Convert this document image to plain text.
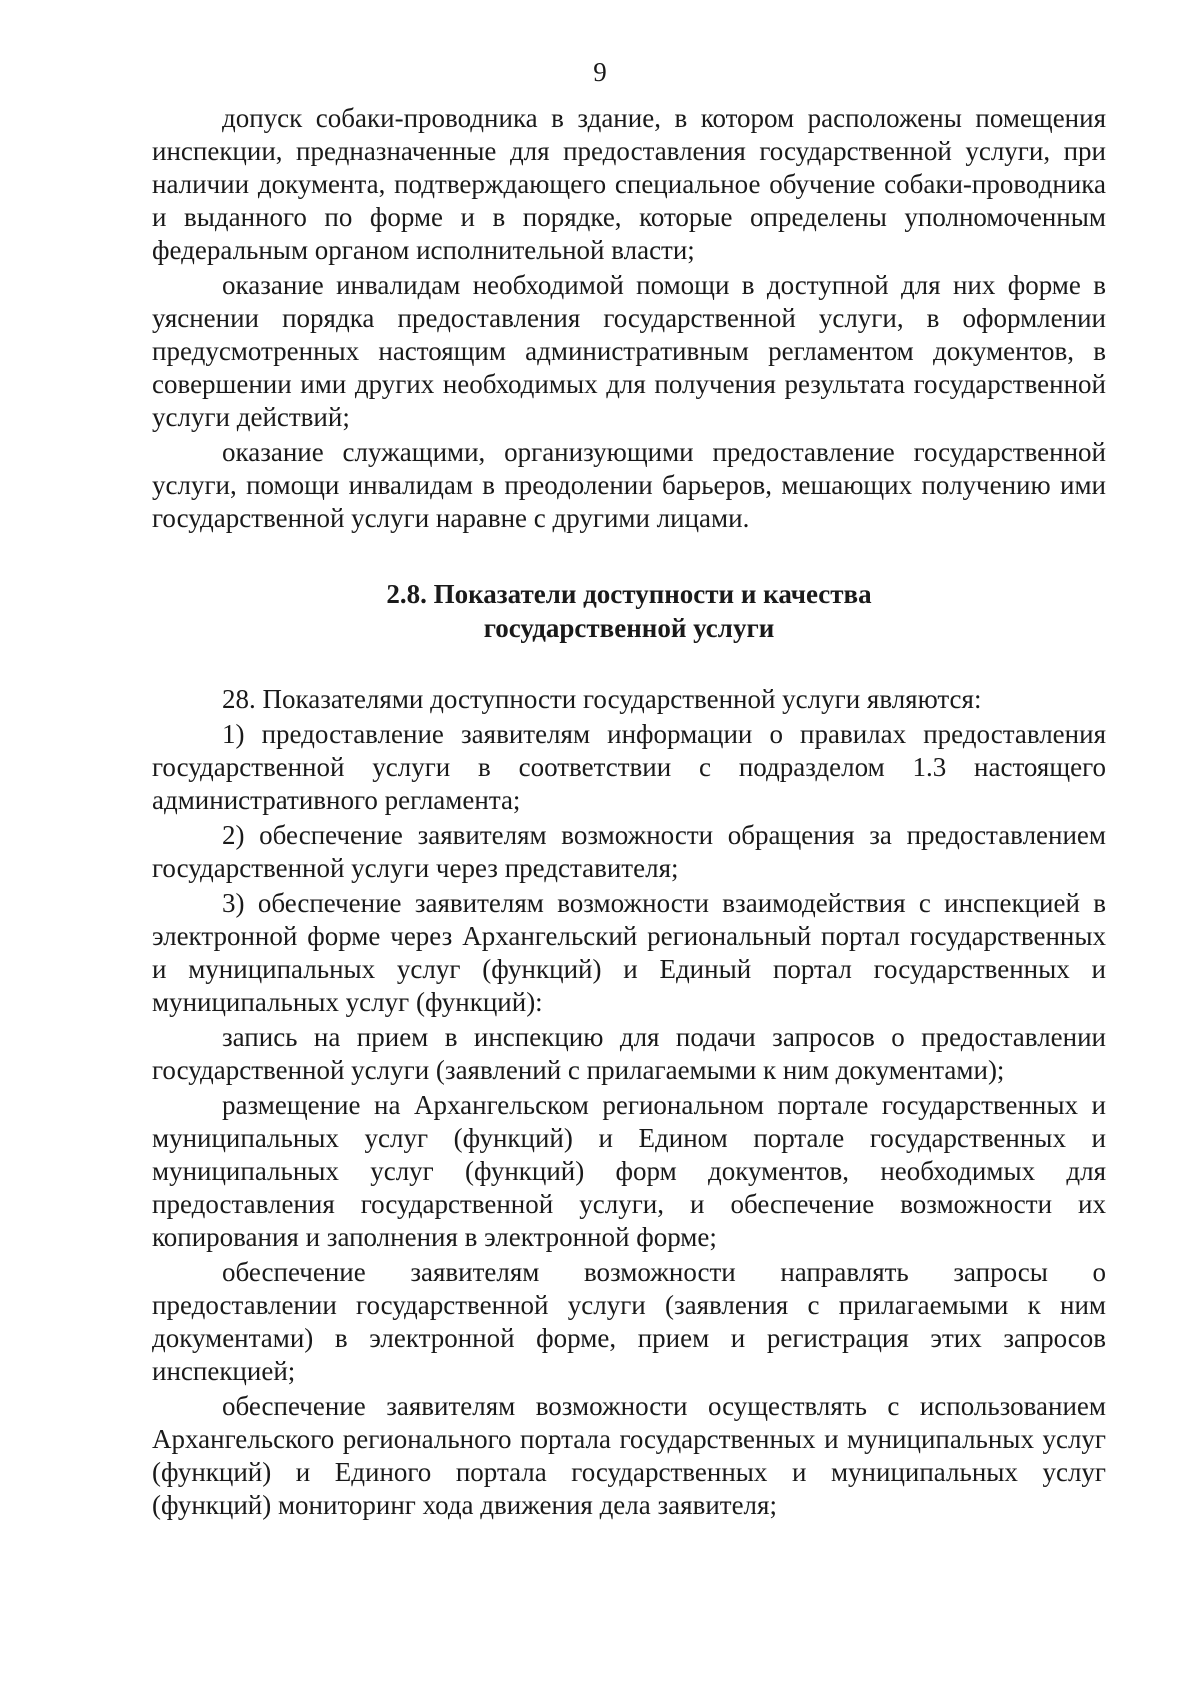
9

допуск собаки-проводника в здание, в котором расположены помещения инспекции, предназначенные для предоставления государственной услуги, при наличии документа, подтверждающего специальное обучение собаки-проводника и выданного по форме и в порядке, которые определены уполномоченным федеральным органом исполнительной власти;

оказание инвалидам необходимой помощи в доступной для них форме в уяснении порядка предоставления государственной услуги, в оформлении предусмотренных настоящим административным регламентом документов, в совершении ими других необходимых для получения результата государственной услуги действий;

оказание служащими, организующими предоставление государственной услуги, помощи инвалидам в преодолении барьеров, мешающих получению ими государственной услуги наравне с другими лицами.

2.8. Показатели доступности и качества
государственной услуги

28. Показателями доступности государственной услуги являются:

1) предоставление заявителям информации о правилах предоставления государственной услуги в соответствии с подразделом 1.3 настоящего административного регламента;

2) обеспечение заявителям возможности обращения за предоставлением государственной услуги через представителя;

3) обеспечение заявителям возможности взаимодействия с инспекцией в электронной форме через Архангельский региональный портал государственных и муниципальных услуг (функций) и Единый портал государственных и муниципальных услуг (функций):

запись на прием в инспекцию для подачи запросов о предоставлении государственной услуги (заявлений с прилагаемыми к ним документами);

размещение на Архангельском региональном портале государственных и муниципальных услуг (функций) и Едином портале государственных и муниципальных услуг (функций) форм документов, необходимых для предоставления государственной услуги, и обеспечение возможности их копирования и заполнения в электронной форме;

обеспечение заявителям возможности направлять запросы о предоставлении государственной услуги (заявления с прилагаемыми к ним документами) в электронной форме, прием и регистрация этих запросов инспекцией;

обеспечение заявителям возможности осуществлять с использованием Архангельского регионального портала государственных и муниципальных услуг (функций) и Единого портала государственных и муниципальных услуг (функций) мониторинг хода движения дела заявителя;
